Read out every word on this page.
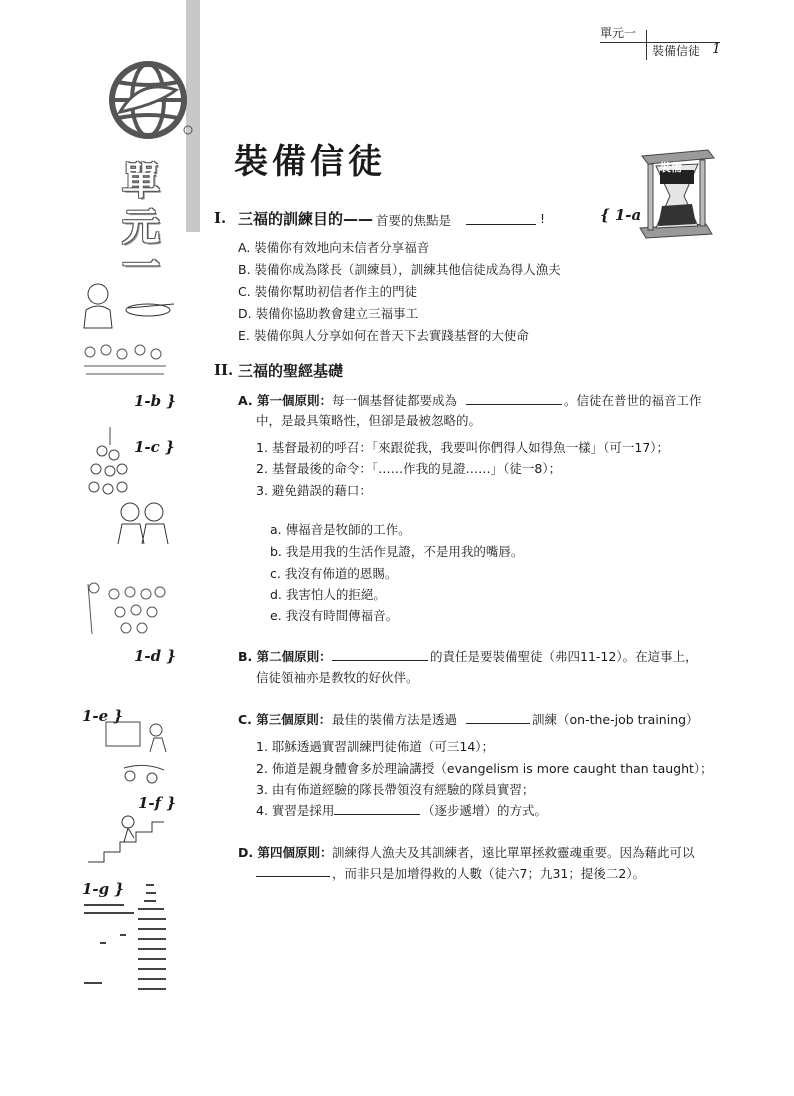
單
元
一
單元一
裝備信徒 1
裝備信徒	裝備
{ 1-a
I. 三福的訓練目的—— 首要的焦點是	!
A. 裝備你有效地向未信者分享福音
B. 裝備你成為隊長（訓練員），訓練其他信徒成為得人漁夫
C. 裝備你幫助初信者作主的門徒
D. 裝備你協助教會建立三福事工
E. 裝備你與人分享如何在普天下去實踐基督的大使命
II. 三福的聖經基礎
A. 第一個原則： 每一個基督徒都要成為	。信徒在普世的福音工作
中，是最具策略性，但卻是最被忽略的。
1. 基督最初的呼召：「來跟從我，我要叫你們得人如得魚一樣」（可一17）；
2. 基督最後的命令：「……作我的見證……」（徒一8）；
3. 避免錯誤的藉口：
a. 傳福音是牧師的工作。
b. 我是用我的生活作見證，不是用我的嘴唇。
c. 我沒有佈道的恩賜。
d. 我害怕人的拒絕。
e. 我沒有時間傳福音。
B. 第二個原則：	的責任是要裝備聖徒（弗四11-12）。在這事上，
信徒領袖亦是教牧的好伙伴。
C. 第三個原則： 最佳的裝備方法是透過	訓練（on-the-job training）
1. 耶穌透過實習訓練門徒佈道（可三14）；
2. 佈道是親身體會多於理論講授（evangelism is more caught than taught）；
3. 由有佈道經驗的隊長帶領沒有經驗的隊員實習；
4. 實習是採用	（逐步遞增）的方式。
D. 第四個原則： 訓練得人漁夫及其訓練者，遠比單單拯救靈魂重要。因為藉此可以
，而非只是加增得救的人數（徒六7；九31；提後二2）。
1-b }
1-c }
1-d }
1-e }
1-f }
1-g }
